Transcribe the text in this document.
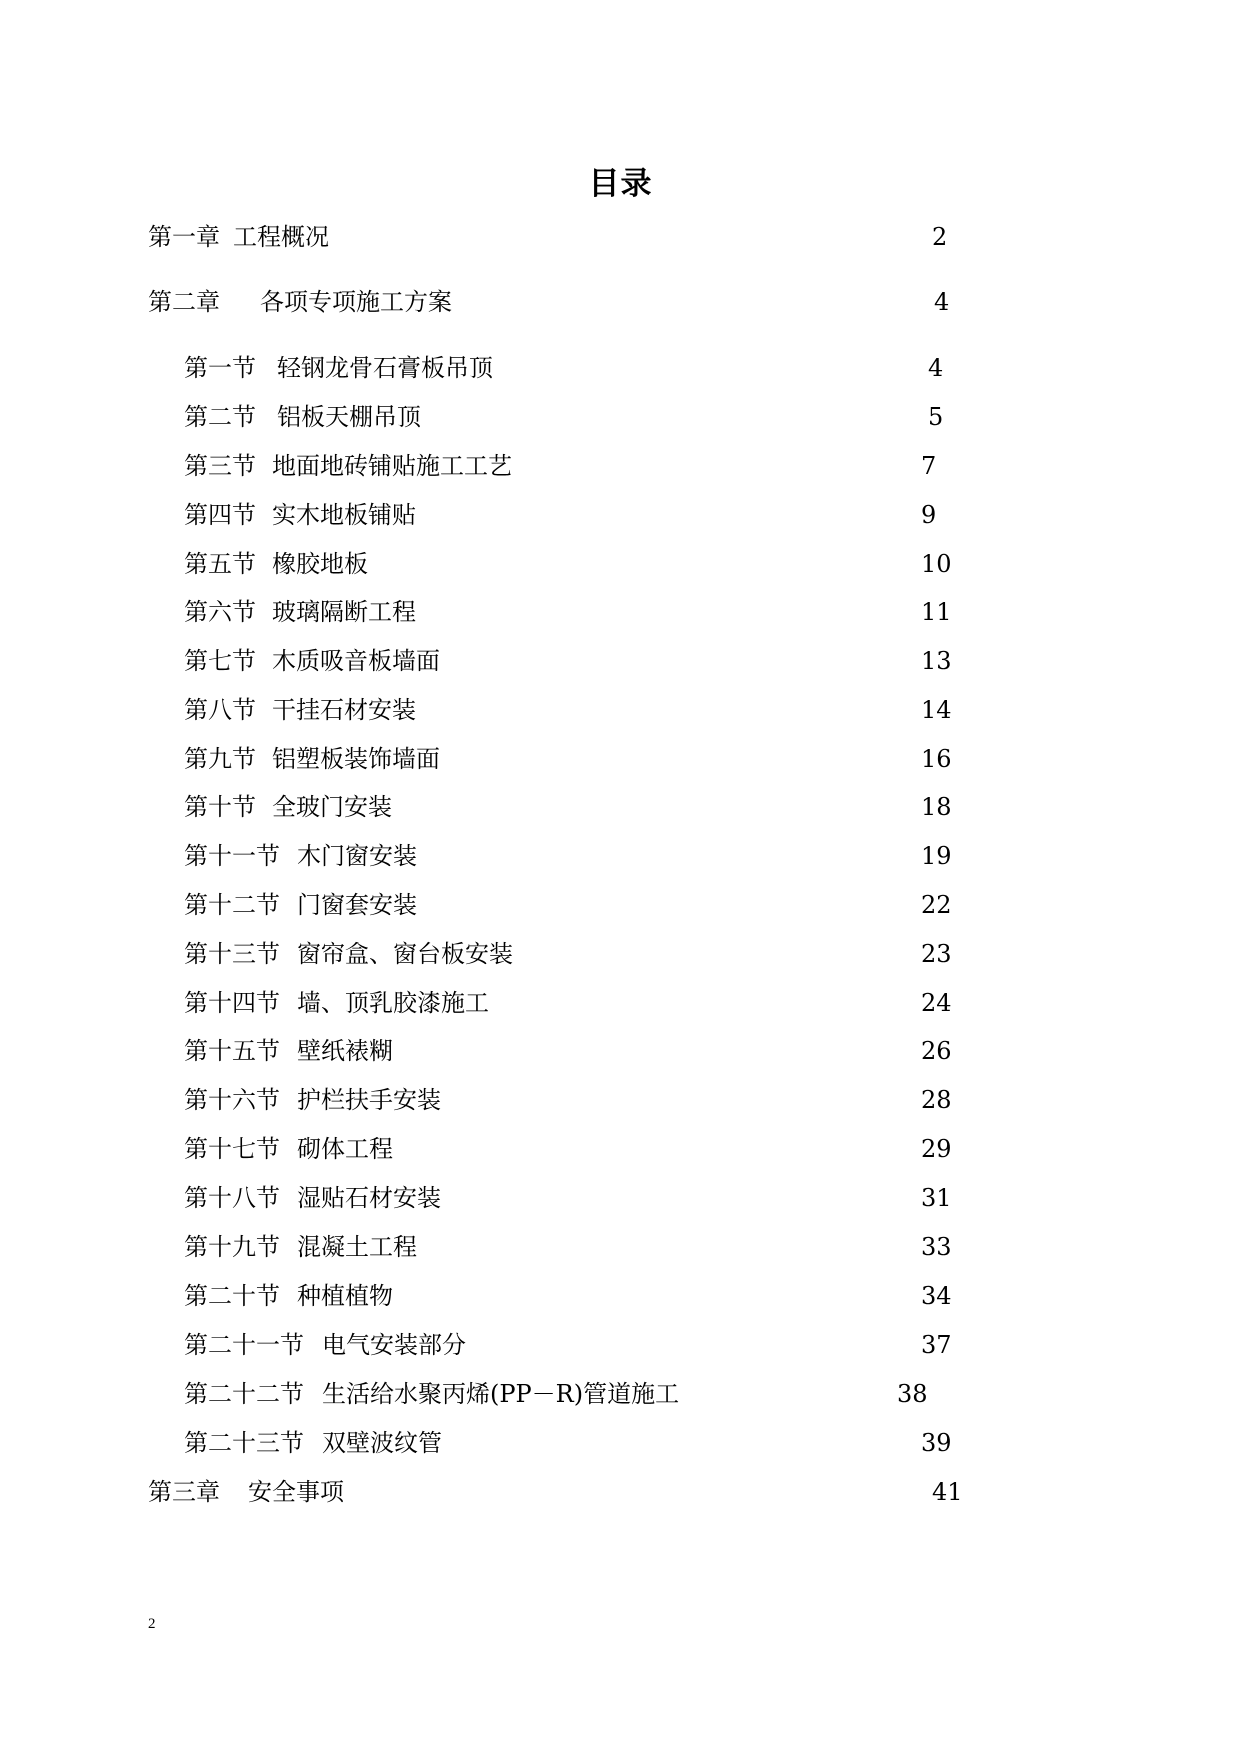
目录
第一章 工程概况	2
第二章 各项专项施工方案	4
第一节 轻钢龙骨石膏板吊顶	4
第二节 铝板天棚吊顶	5
第三节 地面地砖铺贴施工工艺	7
第四节 实木地板铺贴	9
第五节 橡胶地板	10
第六节 玻璃隔断工程	11
第七节 木质吸音板墙面	13
第八节 干挂石材安装	14
第九节 铝塑板装饰墙面	16
第十节 全玻门安装	18
第十一节 木门窗安装	19
第十二节 门窗套安装	22
第十三节 窗帘盒、窗台板安装	23
第十四节 墙、顶乳胶漆施工	24
第十五节 壁纸裱糊	26
第十六节 护栏扶手安装	28
第十七节 砌体工程	29
第十八节 湿贴石材安装	31
第十九节 混凝土工程	33
第二十节 种植植物	34
第二十一节 电气安装部分	37
第二十二节 生活给水聚丙烯(PP－R)管道施工	38
第二十三节 双壁波纹管	39
第三章 安全事项	41
2
